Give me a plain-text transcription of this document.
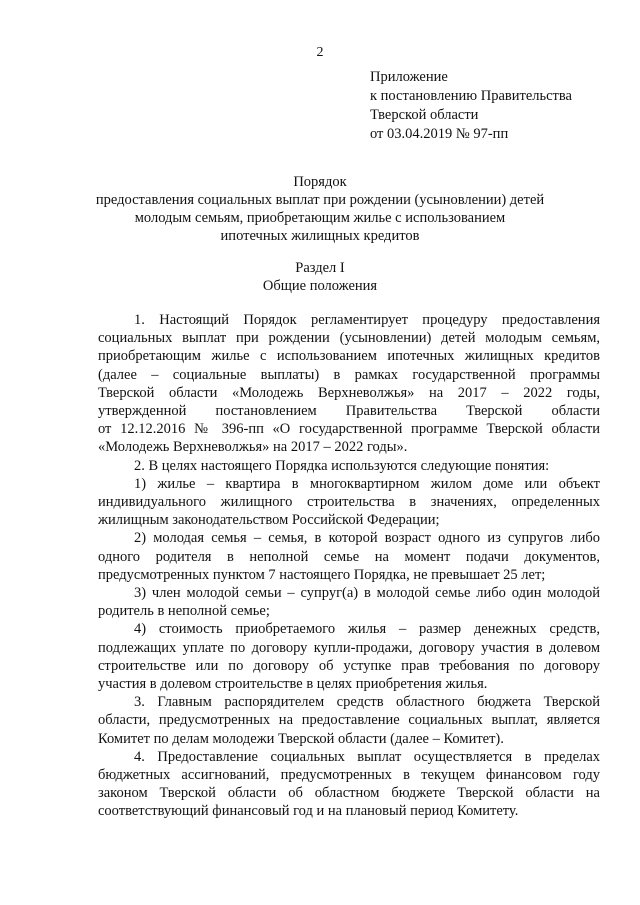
2
Приложение
к постановлению Правительства
Тверской области
от 03.04.2019 № 97-пп
Порядок
предоставления социальных выплат при рождении (усыновлении) детей
молодым семьям, приобретающим жилье с использованием
ипотечных жилищных кредитов
Раздел I
Общие положения

1. Настоящий Порядок регламентирует процедуру предоставления
социальных выплат при рождении (усыновлении) детей молодым семьям,
приобретающим жилье с использованием ипотечных жилищных кредитов
(далее – социальные выплаты) в рамках государственной программы
Тверской области «Молодежь Верхневолжья» на 2017 – 2022 годы,
утвержденной постановлением Правительства Тверской области
от 12.12.2016 № 396-пп «О государственной программе Тверской области
«Молодежь Верхневолжья» на 2017 – 2022 годы».

2. В целях настоящего Порядка используются следующие понятия:

1) жилье – квартира в многоквартирном жилом доме или объект
индивидуального жилищного строительства в значениях, определенных
жилищным законодательством Российской Федерации;

2) молодая семья – семья, в которой возраст одного из супругов либо
одного родителя в неполной семье на момент подачи документов,
предусмотренных пунктом 7 настоящего Порядка, не превышает 25 лет;

3) член молодой семьи – супруг(а) в молодой семье либо один молодой
родитель в неполной семье;

4) стоимость приобретаемого жилья – размер денежных средств,
подлежащих уплате по договору купли-продажи, договору участия в долевом
строительстве или по договору об уступке прав требования по договору
участия в долевом строительстве в целях приобретения жилья.

3. Главным распорядителем средств областного бюджета Тверской
области, предусмотренных на предоставление социальных выплат, является
Комитет по делам молодежи Тверской области (далее – Комитет).

4. Предоставление социальных выплат осуществляется в пределах
бюджетных ассигнований, предусмотренных в текущем финансовом году
законом Тверской области об областном бюджете Тверской области на
соответствующий финансовый год и на плановый период Комитету.
